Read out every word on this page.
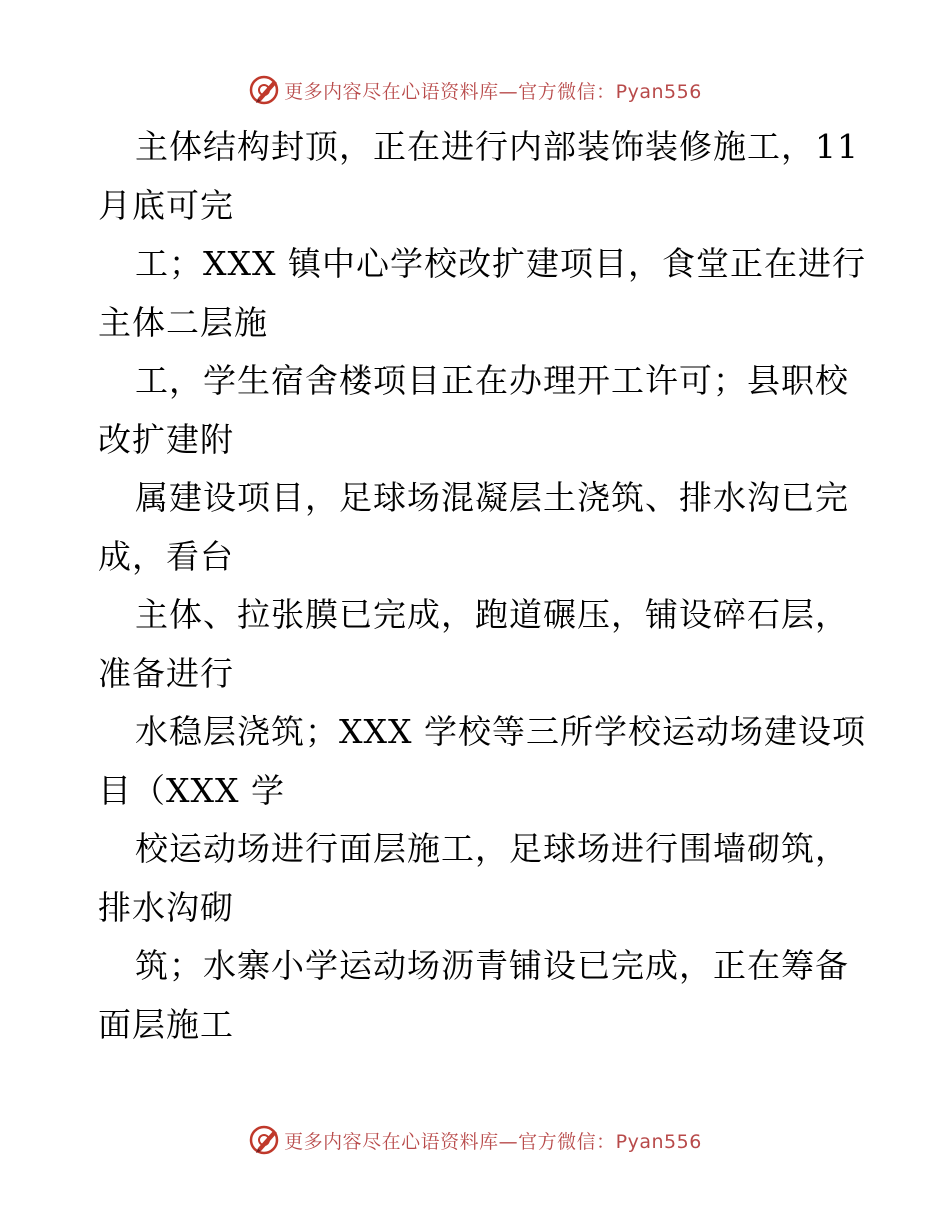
更多内容尽在心语资料库—官方微信：Pyan556
主体结构封顶，正在进行内部装饰装修施工，11
月底可完
工；XXX 镇中心学校改扩建项目，食堂正在进行
主体二层施
工，学生宿舍楼项目正在办理开工许可；县职校
改扩建附
属建设项目，足球场混凝层土浇筑、排水沟已完
成，看台
主体、拉张膜已完成，跑道碾压，铺设碎石层，
准备进行
水稳层浇筑；XXX 学校等三所学校运动场建设项
目（XXX 学
校运动场进行面层施工，足球场进行围墙砌筑，
排水沟砌
筑；水寨小学运动场沥青铺设已完成，正在筹备
面层施工
更多内容尽在心语资料库—官方微信：Pyan556
